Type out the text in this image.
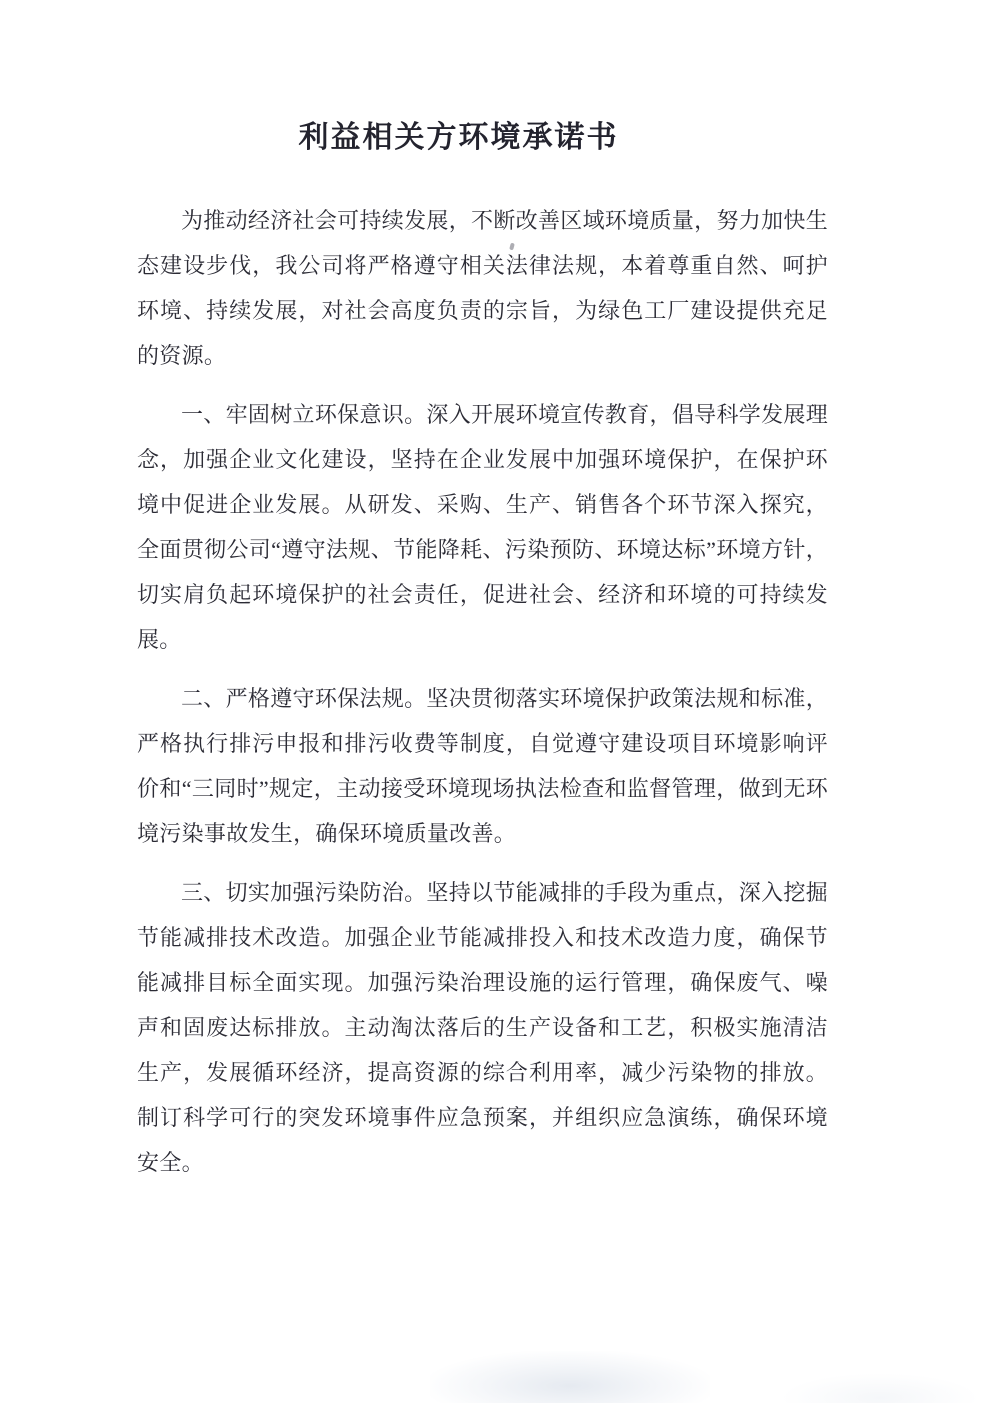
利益相关方环境承诺书

为推动经济社会可持续发展，不断改善区域环境质量，努力加快生态建设步伐，我公司将严格遵守相关法律法规，本着尊重自然、呵护环境、持续发展，对社会高度负责的宗旨，为绿色工厂建设提供充足的资源。

一、牢固树立环保意识。深入开展环境宣传教育，倡导科学发展理念，加强企业文化建设，坚持在企业发展中加强环境保护，在保护环境中促进企业发展。从研发、采购、生产、销售各个环节深入探究，全面贯彻公司“遵守法规、节能降耗、污染预防、环境达标”环境方针，切实肩负起环境保护的社会责任，促进社会、经济和环境的可持续发展。

二、严格遵守环保法规。坚决贯彻落实环境保护政策法规和标准，严格执行排污申报和排污收费等制度，自觉遵守建设项目环境影响评价和“三同时”规定，主动接受环境现场执法检查和监督管理，做到无环境污染事故发生，确保环境质量改善。

三、切实加强污染防治。坚持以节能减排的手段为重点，深入挖掘节能减排技术改造。加强企业节能减排投入和技术改造力度，确保节能减排目标全面实现。加强污染治理设施的运行管理，确保废气、噪声和固废达标排放。主动淘汰落后的生产设备和工艺，积极实施清洁生产，发展循环经济，提高资源的综合利用率，减少污染物的排放。制订科学可行的突发环境事件应急预案，并组织应急演练，确保环境安全。
